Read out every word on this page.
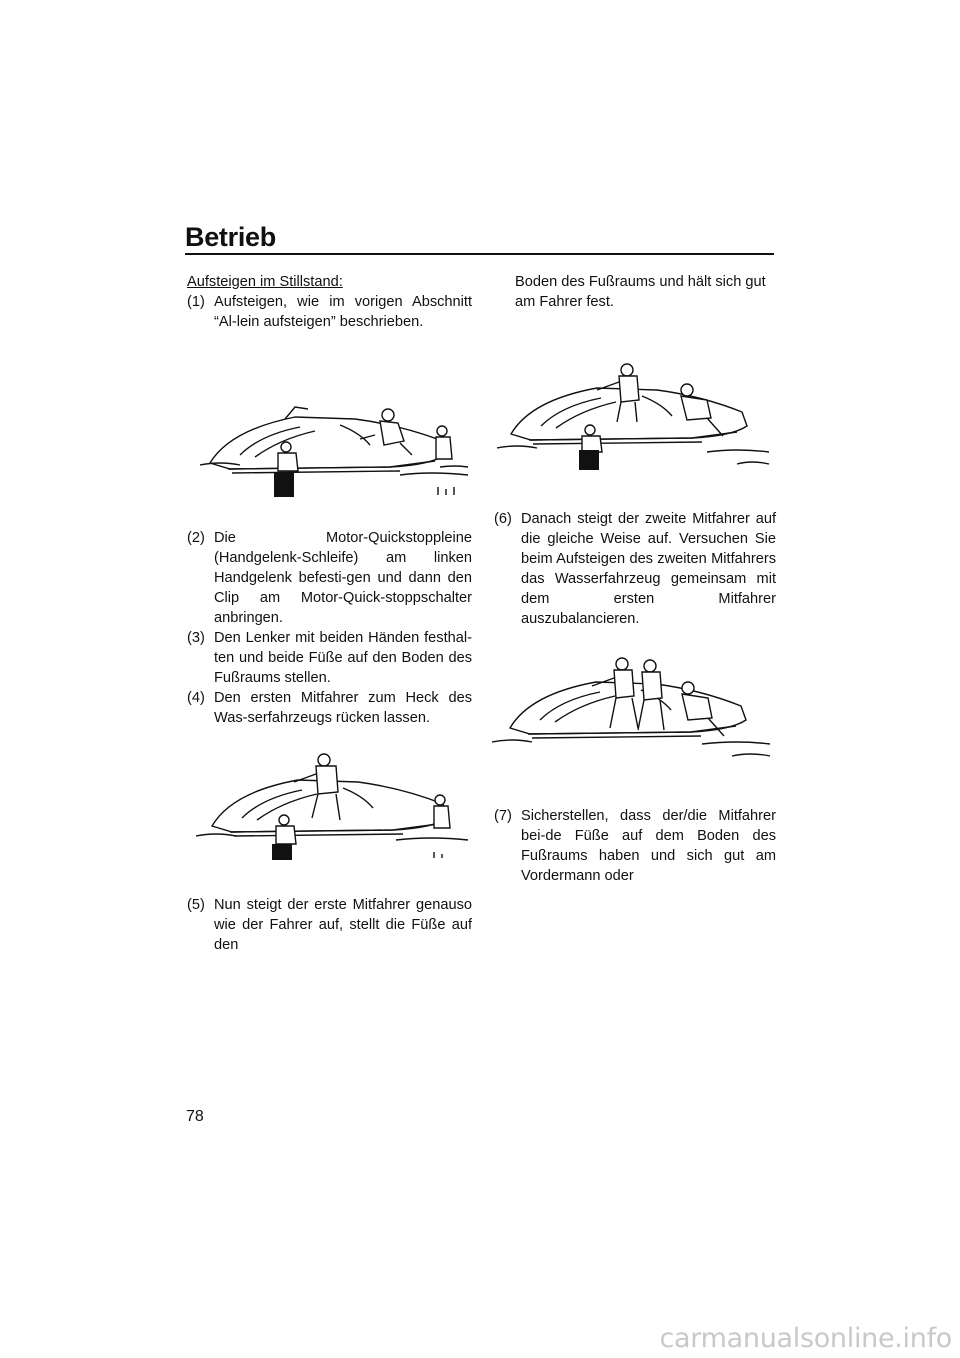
Betrieb

Aufsteigen im Stillstand:

(1) Aufsteigen, wie im vorigen Abschnitt “Al-lein aufsteigen” beschrieben.

(2) Die Motor-Quickstoppleine (Handgelenk-Schleife) am linken Handgelenk befesti-gen und dann den Clip am Motor-Quick-stoppschalter anbringen.

(3) Den Lenker mit beiden Händen festhal-ten und beide Füße auf den Boden des Fußraums stellen.

(4) Den ersten Mitfahrer zum Heck des Was-serfahrzeugs rücken lassen.

(5) Nun steigt der erste Mitfahrer genauso wie der Fahrer auf, stellt die Füße auf den

Boden des Fußraums und hält sich gut am Fahrer fest.

(6) Danach steigt der zweite Mitfahrer auf die gleiche Weise auf. Versuchen Sie beim Aufsteigen des zweiten Mitfahrers das Wasserfahrzeug gemeinsam mit dem ersten Mitfahrer auszubalancieren.

(7) Sicherstellen, dass der/die Mitfahrer bei-de Füße auf dem Boden des Fußraums haben und sich gut am Vordermann oder

78
carmanualsonline.info
